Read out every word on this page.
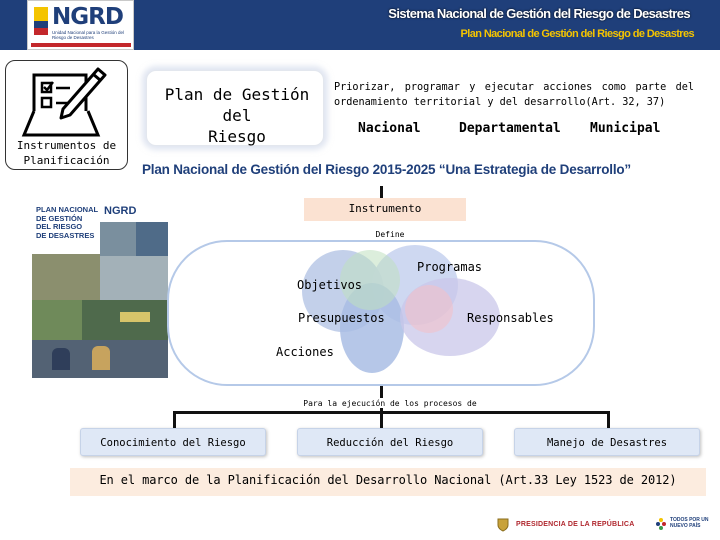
NGRD
Unidad Nacional para la Gestión del Riesgo de Desastres
Sistema Nacional de Gestión del Riesgo de Desastres
Plan Nacional de Gestión del Riesgo de Desastres
Instrumentos de
Planificación
Plan de Gestión del
Riesgo
Priorizar, programar y ejecutar acciones como parte del ordenamiento territorial y del desarrollo(Art. 32, 37)
Nacional	Departamental Municipal
Plan Nacional de Gestión del Riesgo 2015-2025 “Una Estrategia de Desarrollo”
Instrumento
Define
PLAN NACIONAL
DE GESTIÓN
DEL RIESGO
DE DESASTRES
NGRD
Objetivos
Programas
Presupuestos	Responsables
Acciones
Para la ejecución de los procesos de
Conocimiento del Riesgo	Reducción del Riesgo	Manejo de Desastres
En el marco de la Planificación del Desarrollo Nacional (Art.33 Ley 1523 de 2012)
PRESIDENCIA DE LA REPÚBLICA
TODOS POR UN NUEVO PAÍS
